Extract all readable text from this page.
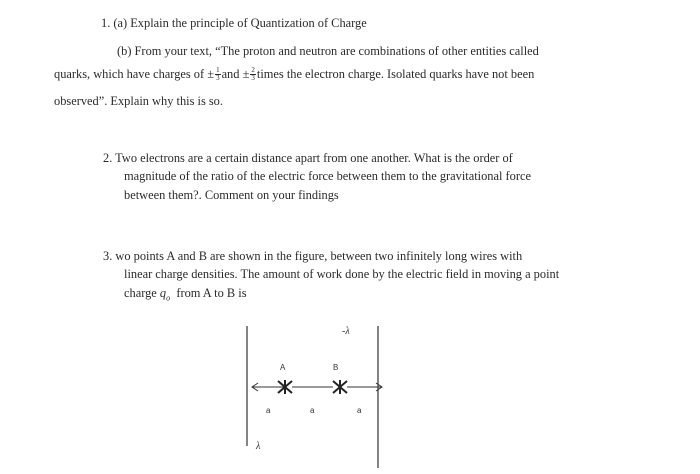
1. (a) Explain the principle of Quantization of Charge
(b) From your text, “The proton and neutron are combinations of other entities called
quarks, which have charges of ± $\frac{1}{3}$ and ± $\frac{2}{3}$ times the electron charge. Isolated quarks have not been
observed”. Explain why this is so.
2. Two electrons are a certain distance apart from one another. What is the order of
magnitude of the ratio of the electric force between them to the gravitational force
between them?. Comment on your findings
3. wo points A and B are shown in the figure, between two infinitely long wires with
linear charge densities. The amount of work done by the electric field in moving a point
charge $q_o$ from A to B is
-λ
λ
A	B
a	a	a
